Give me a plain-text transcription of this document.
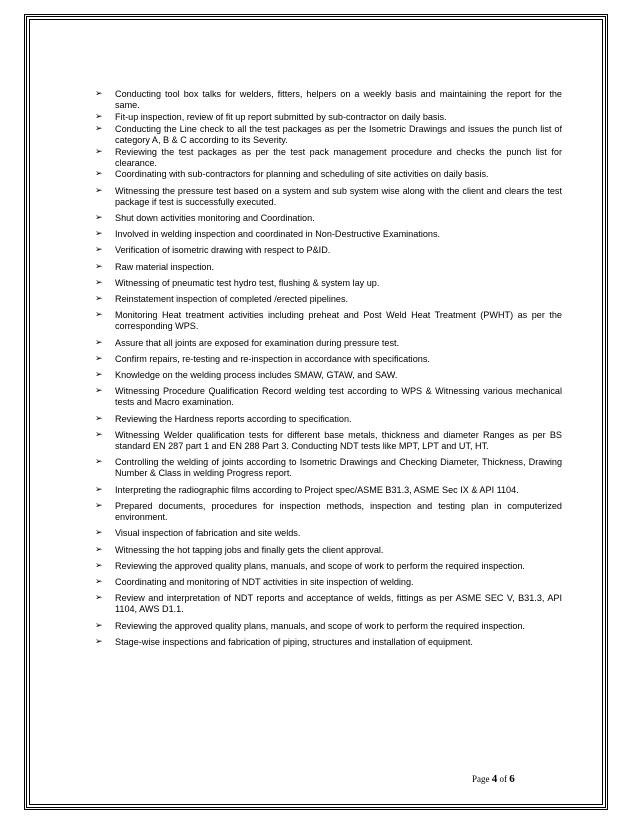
➢ Conducting tool box talks for welders, fitters, helpers on a weekly basis and maintaining the report for the same.
➢ Fit-up inspection, review of fit up report submitted by sub-contractor on daily basis.
➢ Conducting the Line check to all the test packages as per the Isometric Drawings and issues the punch list of category A, B & C according to its Severity.
➢ Reviewing the test packages as per the test pack management procedure and checks the punch list for clearance.
➢ Coordinating with sub-contractors for planning and scheduling of site activities on daily basis.
➢ Witnessing the pressure test based on a system and sub system wise along with the client and clears the test package if test is successfully executed.
➢ Shut down activities monitoring and Coordination.
➢ Involved in welding inspection and coordinated in Non-Destructive Examinations.
➢ Verification of isometric drawing with respect to P&ID.
➢ Raw material inspection.
➢ Witnessing of pneumatic test hydro test, flushing & system lay up.
➢ Reinstatement inspection of completed /erected pipelines.
➢ Monitoring Heat treatment activities including preheat and Post Weld Heat Treatment (PWHT) as per the corresponding WPS.
➢ Assure that all joints are exposed for examination during pressure test.
➢ Confirm repairs, re-testing and re-inspection in accordance with specifications.
➢ Knowledge on the welding process includes SMAW, GTAW, and SAW.
➢ Witnessing Procedure Qualification Record welding test according to WPS & Witnessing various mechanical tests and Macro examination.
➢ Reviewing the Hardness reports according to specification.
➢ Witnessing Welder qualification tests for different base metals, thickness and diameter Ranges as per BS standard EN 287 part 1 and EN 288 Part 3. Conducting NDT tests like MPT, LPT and UT, HT.
➢ Controlling the welding of joints according to Isometric Drawings and Checking Diameter, Thickness, Drawing Number & Class in welding Progress report.
➢ Interpreting the radiographic films according to Project spec/ASME B31.3, ASME Sec IX & API 1104.
➢ Prepared documents, procedures for inspection methods, inspection and testing plan in computerized environment.
➢ Visual inspection of fabrication and site welds.
➢ Witnessing the hot tapping jobs and finally gets the client approval.
➢ Reviewing the approved quality plans, manuals, and scope of work to perform the required inspection.
➢ Coordinating and monitoring of NDT activities in site inspection of welding.
➢ Review and interpretation of NDT reports and acceptance of welds, fittings as per ASME SEC V, B31.3, API 1104, AWS D1.1.
➢ Reviewing the approved quality plans, manuals, and scope of work to perform the required inspection.
➢ Stage-wise inspections and fabrication of piping, structures and installation of equipment.
Page 4 of 6
